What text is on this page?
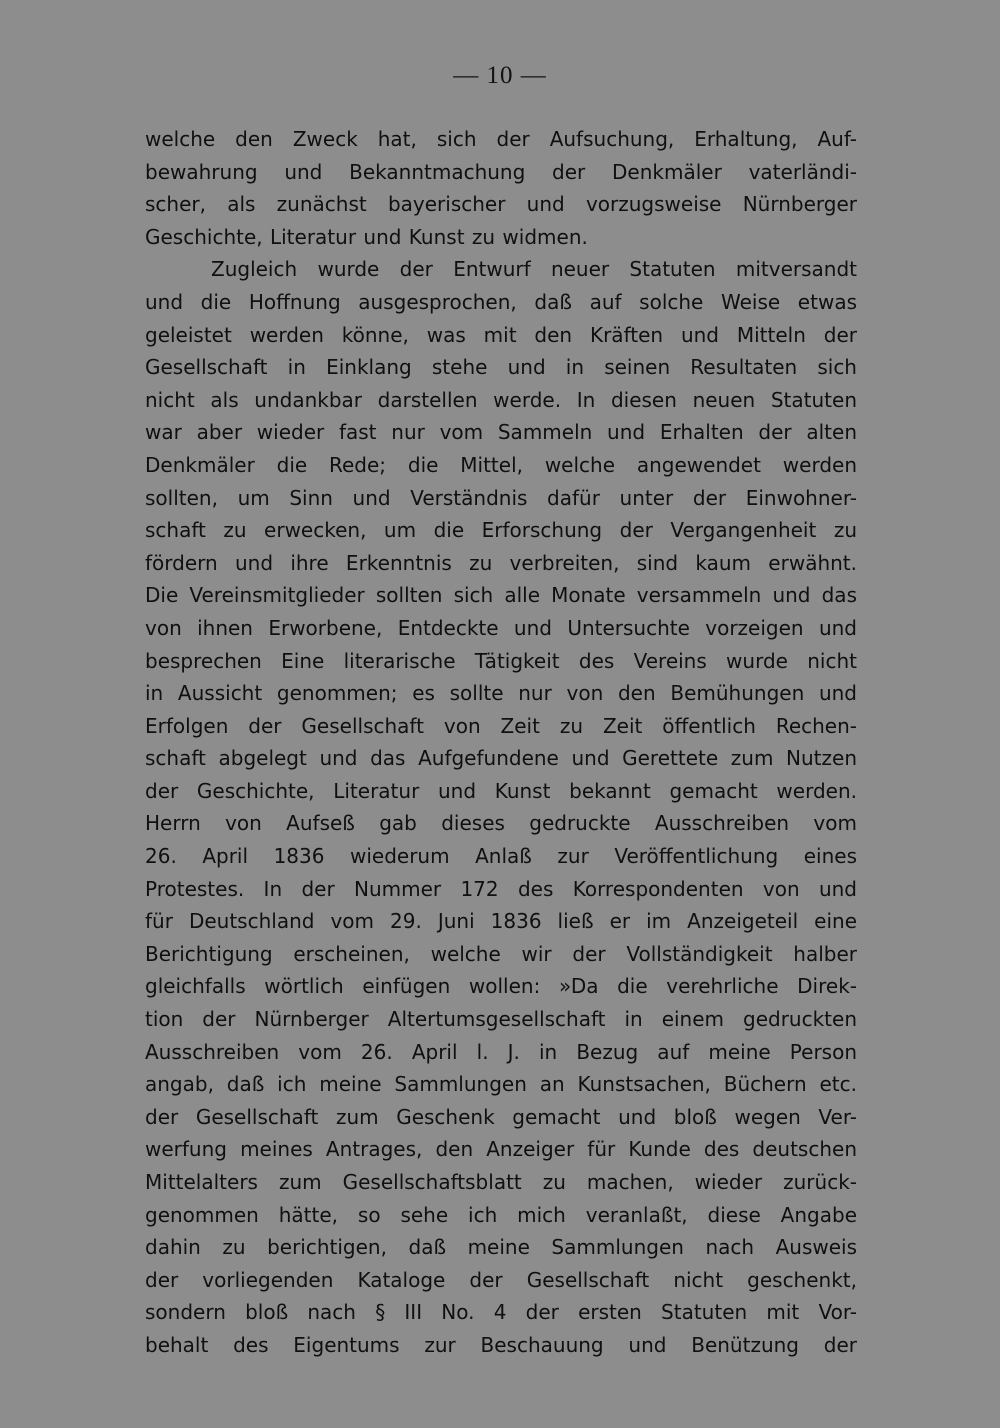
— 10 —
welche den Zweck hat, sich der Aufsuchung, Erhaltung, Auf-
bewahrung und Bekanntmachung der Denkmäler vaterländi-
scher, als zunächst bayerischer und vorzugsweise Nürnberger
Geschichte, Literatur und Kunst zu widmen.
Zugleich wurde der Entwurf neuer Statuten mitversandt
und die Hoffnung ausgesprochen, daß auf solche Weise etwas
geleistet werden könne, was mit den Kräften und Mitteln der
Gesellschaft in Einklang stehe und in seinen Resultaten sich
nicht als undankbar darstellen werde. In diesen neuen Statuten
war aber wieder fast nur vom Sammeln und Erhalten der alten
Denkmäler die Rede; die Mittel, welche angewendet werden
sollten, um Sinn und Verständnis dafür unter der Einwohner-
schaft zu erwecken, um die Erforschung der Vergangenheit zu
fördern und ihre Erkenntnis zu verbreiten, sind kaum erwähnt.
Die Vereinsmitglieder sollten sich alle Monate versammeln und das
von ihnen Erworbene, Entdeckte und Untersuchte vorzeigen und
besprechen Eine literarische Tätigkeit des Vereins wurde nicht
in Aussicht genommen; es sollte nur von den Bemühungen und
Erfolgen der Gesellschaft von Zeit zu Zeit öffentlich Rechen-
schaft abgelegt und das Aufgefundene und Gerettete zum Nutzen
der Geschichte, Literatur und Kunst bekannt gemacht werden.
Herrn von Aufseß gab dieses gedruckte Ausschreiben vom
26. April 1836 wiederum Anlaß zur Veröffentlichung eines
Protestes. In der Nummer 172 des Korrespondenten von und
für Deutschland vom 29. Juni 1836 ließ er im Anzeigeteil eine
Berichtigung erscheinen, welche wir der Vollständigkeit halber
gleichfalls wörtlich einfügen wollen: »Da die verehrliche Direk-
tion der Nürnberger Altertumsgesellschaft in einem gedruckten
Ausschreiben vom 26. April l. J. in Bezug auf meine Person
angab, daß ich meine Sammlungen an Kunstsachen, Büchern etc.
der Gesellschaft zum Geschenk gemacht und bloß wegen Ver-
werfung meines Antrages, den Anzeiger für Kunde des deutschen
Mittelalters zum Gesellschaftsblatt zu machen, wieder zurück-
genommen hätte, so sehe ich mich veranlaßt, diese Angabe
dahin zu berichtigen, daß meine Sammlungen nach Ausweis
der vorliegenden Kataloge der Gesellschaft nicht geschenkt,
sondern bloß nach § III No. 4 der ersten Statuten mit Vor-
behalt des Eigentums zur Beschauung und Benützung der
